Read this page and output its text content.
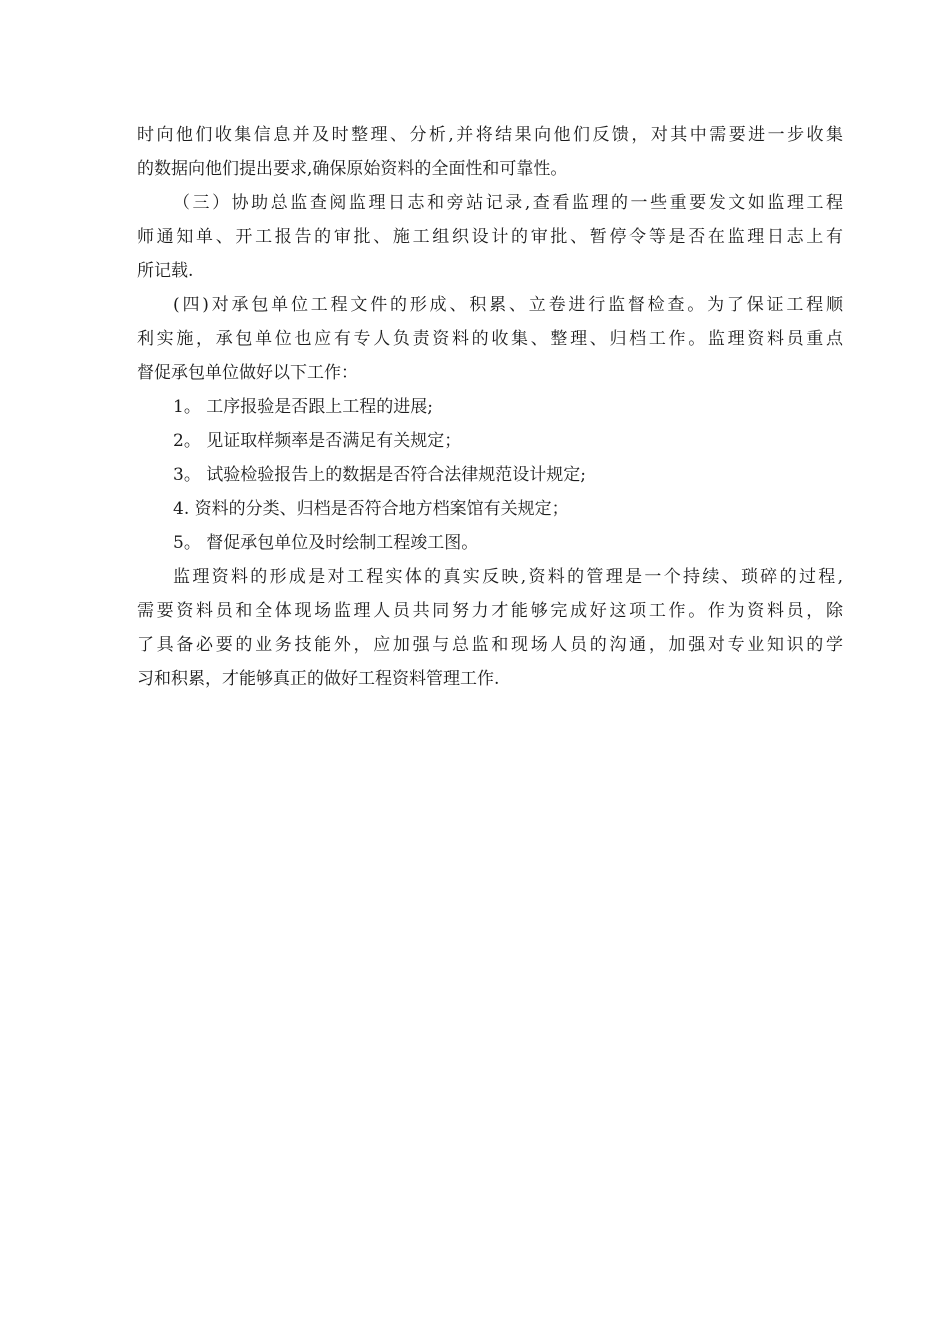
时向他们收集信息并及时整理、分析,并将结果向他们反馈，对其中需要进一步收集
的数据向他们提出要求,确保原始资料的全面性和可靠性。
（三）协助总监查阅监理日志和旁站记录,查看监理的一些重要发文如监理工程
师通知单、开工报告的审批、施工组织设计的审批、暂停令等是否在监理日志上有
所记载.
(四)对承包单位工程文件的形成、积累、立卷进行监督检查。为了保证工程顺
利实施，承包单位也应有专人负责资料的收集、整理、归档工作。监理资料员重点
督促承包单位做好以下工作：
1。 工序报验是否跟上工程的进展;
2。 见证取样频率是否满足有关规定；
3。 试验检验报告上的数据是否符合法律规范设计规定;
4. 资料的分类、归档是否符合地方档案馆有关规定；
5。 督促承包单位及时绘制工程竣工图。
监理资料的形成是对工程实体的真实反映,资料的管理是一个持续、琐碎的过程,
需要资料员和全体现场监理人员共同努力才能够完成好这项工作。作为资料员，除
了具备必要的业务技能外，应加强与总监和现场人员的沟通，加强对专业知识的学
习和积累，才能够真正的做好工程资料管理工作.
